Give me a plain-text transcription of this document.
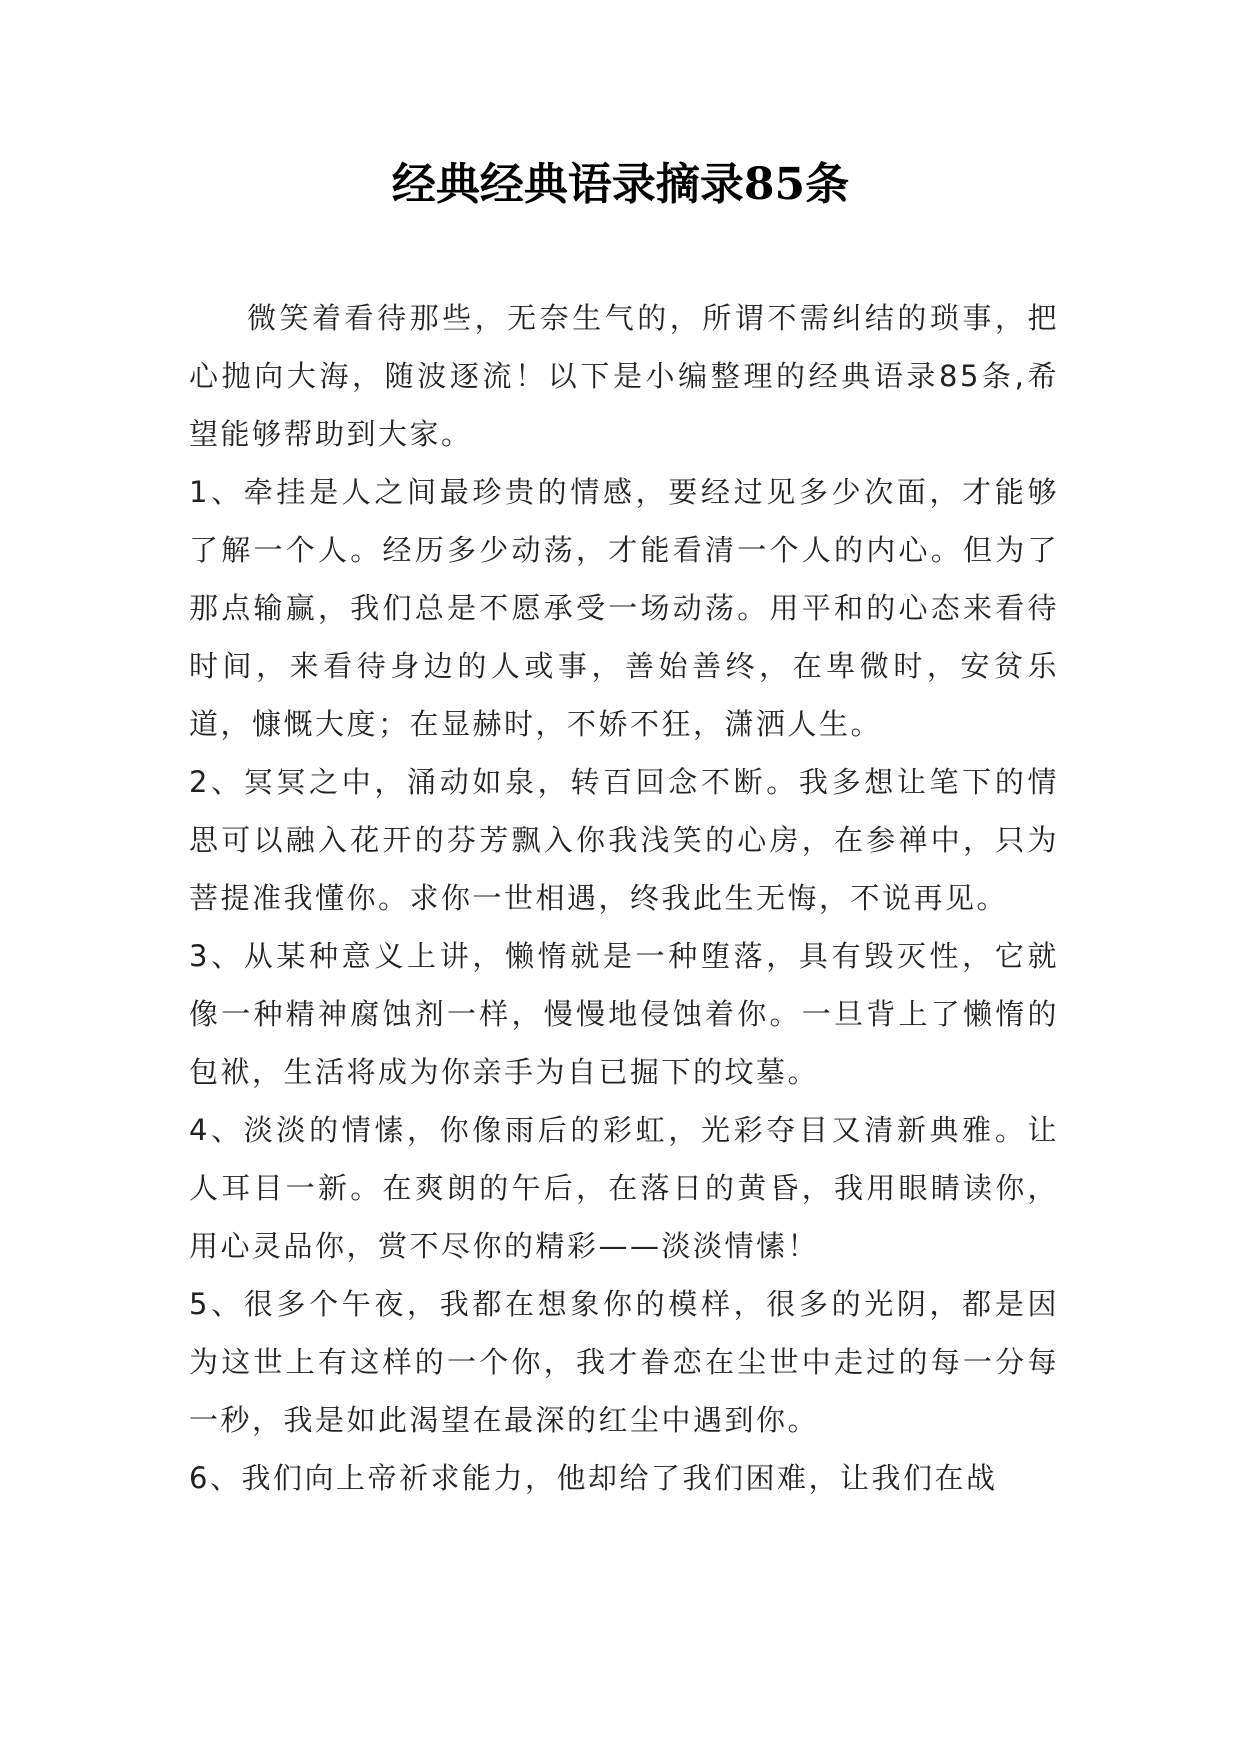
经典经典语录摘录85条

微笑着看待那些，无奈生气的，所谓不需纠结的琐事，把心抛向大海，随波逐流！以下是小编整理的经典语录85条,希望能够帮助到大家。

1、牵挂是人之间最珍贵的情感，要经过见多少次面，才能够了解一个人。经历多少动荡，才能看清一个人的内心。但为了那点输赢，我们总是不愿承受一场动荡。用平和的心态来看待时间，来看待身边的人或事，善始善终，在卑微时，安贫乐道，慷慨大度；在显赫时，不娇不狂，潇洒人生。

2、冥冥之中，涌动如泉，转百回念不断。我多想让笔下的情思可以融入花开的芬芳飘入你我浅笑的心房，在参禅中，只为菩提准我懂你。求你一世相遇，终我此生无悔，不说再见。

3、从某种意义上讲，懒惰就是一种堕落，具有毁灭性，它就像一种精神腐蚀剂一样，慢慢地侵蚀着你。一旦背上了懒惰的包袱，生活将成为你亲手为自已掘下的坟墓。

4、淡淡的情愫，你像雨后的彩虹，光彩夺目又清新典雅。让人耳目一新。在爽朗的午后，在落日的黄昏，我用眼睛读你，用心灵品你，赏不尽你的精彩——淡淡情愫！

5、很多个午夜，我都在想象你的模样，很多的光阴，都是因为这世上有这样的一个你，我才眷恋在尘世中走过的每一分每一秒，我是如此渴望在最深的红尘中遇到你。

6、我们向上帝祈求能力，他却给了我们困难，让我们在战
